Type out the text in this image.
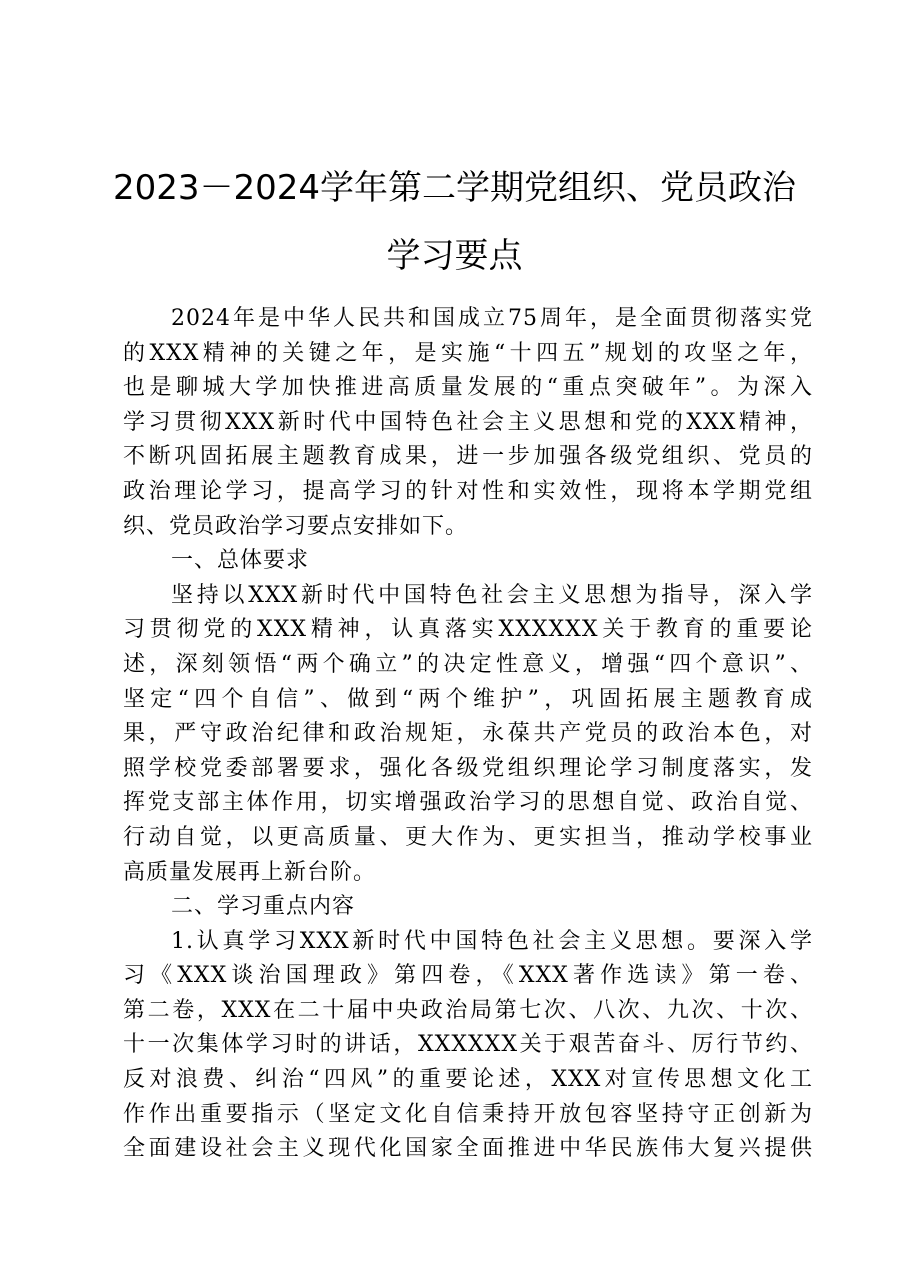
2023－2024学年第二学期党组织、党员政治
学习要点
2024年是中华人民共和国成立75周年，是全面贯彻落实党
的XXX精神的关键之年，是实施“十四五”规划的攻坚之年，
也是聊城大学加快推进高质量发展的“重点突破年”。为深入
学习贯彻XXX新时代中国特色社会主义思想和党的XXX精神，
不断巩固拓展主题教育成果，进一步加强各级党组织、党员的
政治理论学习，提高学习的针对性和实效性，现将本学期党组
织、党员政治学习要点安排如下。
一、总体要求
坚持以XXX新时代中国特色社会主义思想为指导，深入学
习贯彻党的XXX精神，认真落实XXXXXX关于教育的重要论
述，深刻领悟“两个确立”的决定性意义，增强“四个意识”、
坚定“四个自信”、做到“两个维护”，巩固拓展主题教育成
果，严守政治纪律和政治规矩，永葆共产党员的政治本色，对
照学校党委部署要求，强化各级党组织理论学习制度落实，发
挥党支部主体作用，切实增强政治学习的思想自觉、政治自觉、
行动自觉，以更高质量、更大作为、更实担当，推动学校事业
高质量发展再上新台阶。
二、学习重点内容
1.认真学习XXX新时代中国特色社会主义思想。要深入学
习《XXX谈治国理政》第四卷，《XXX著作选读》第一卷、
第二卷，XXX在二十届中央政治局第七次、八次、九次、十次、
十一次集体学习时的讲话，XXXXXX关于艰苦奋斗、厉行节约、
反对浪费、纠治“四风”的重要论述，XXX对宣传思想文化工
作作出重要指示（坚定文化自信秉持开放包容坚持守正创新为
全面建设社会主义现代化国家全面推进中华民族伟大复兴提供
